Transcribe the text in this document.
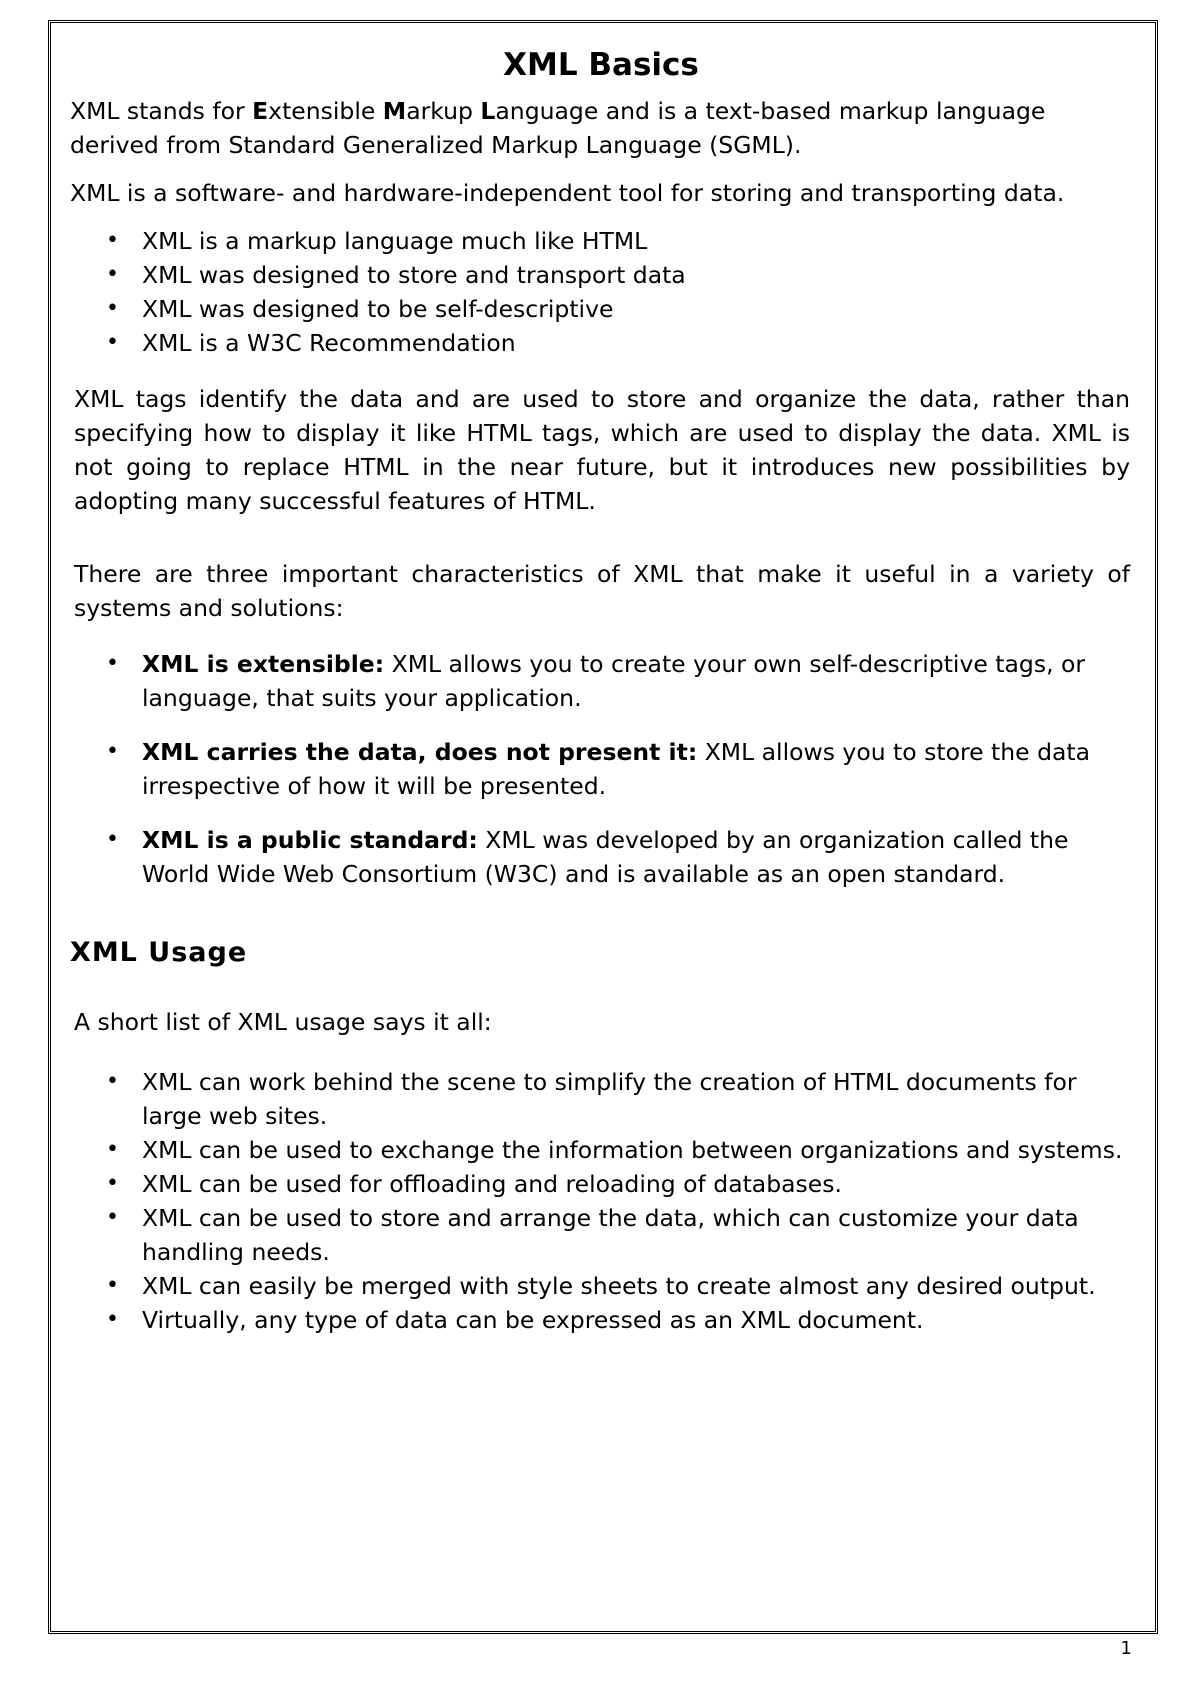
XML Basics

XML stands for Extensible Markup Language and is a text-based markup language derived from Standard Generalized Markup Language (SGML).

XML is a software- and hardware-independent tool for storing and transporting data.

• XML is a markup language much like HTML
• XML was designed to store and transport data
• XML was designed to be self-descriptive
• XML is a W3C Recommendation

XML tags identify the data and are used to store and organize the data, rather than specifying how to display it like HTML tags, which are used to display the data. XML is not going to replace HTML in the near future, but it introduces new possibilities by adopting many successful features of HTML.

There are three important characteristics of XML that make it useful in a variety of systems and solutions:

• XML is extensible: XML allows you to create your own self-descriptive tags, or language, that suits your application.
• XML carries the data, does not present it: XML allows you to store the data irrespective of how it will be presented.
• XML is a public standard: XML was developed by an organization called the World Wide Web Consortium (W3C) and is available as an open standard.
XML Usage

A short list of XML usage says it all:

• XML can work behind the scene to simplify the creation of HTML documents for large web sites.
• XML can be used to exchange the information between organizations and systems.
• XML can be used for offloading and reloading of databases.
• XML can be used to store and arrange the data, which can customize your data handling needs.
• XML can easily be merged with style sheets to create almost any desired output.
• Virtually, any type of data can be expressed as an XML document.
1
